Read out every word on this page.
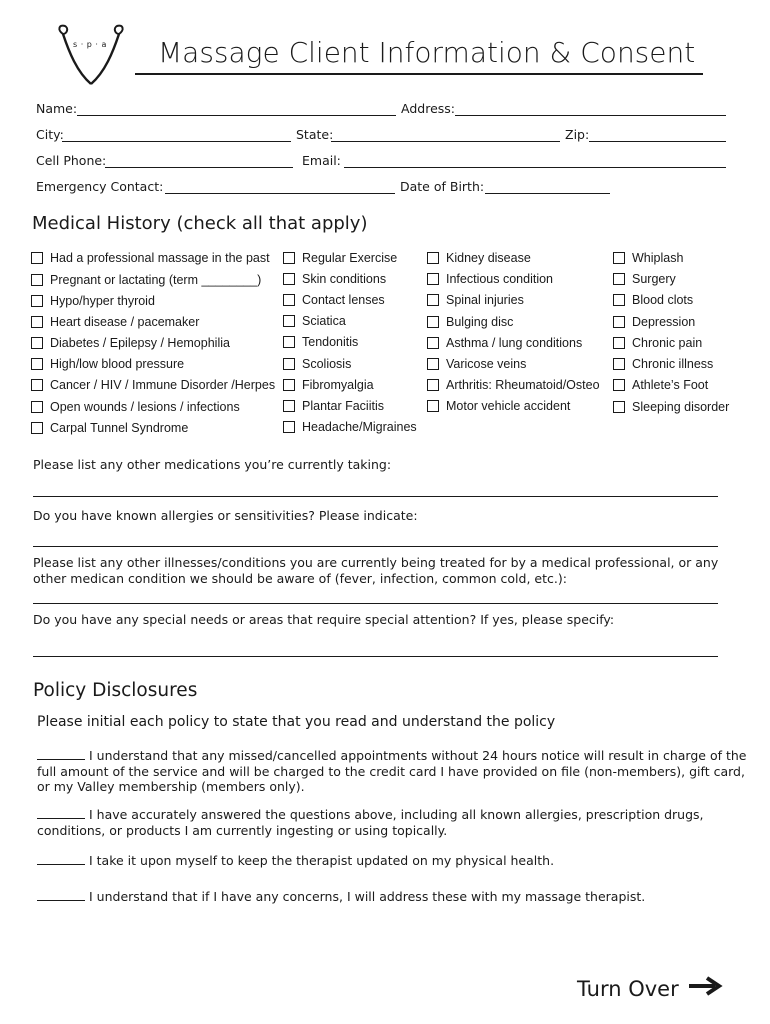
s · p · a Massage Client Information & Consent
Name:	Address:
City:	State:	Zip:
Cell Phone:	Email:
Emergency Contact:	Date of Birth:
Medical History (check all that apply)
Had a professional massage in the past
Pregnant or lactating (term ________)
Hypo/hyper thyroid
Heart disease / pacemaker
Diabetes / Epilepsy / Hemophilia
High/low blood pressure
Cancer / HIV / Immune Disorder /Herpes
Open wounds / lesions / infections
Carpal Tunnel Syndrome
Regular Exercise
Skin conditions
Contact lenses
Sciatica
Tendonitis
Scoliosis
Fibromyalgia
Plantar Faciitis
Headache/Migraines
Kidney disease
Infectious condition
Spinal injuries
Bulging disc
Asthma / lung conditions
Varicose veins
Arthritis: Rheumatoid/Osteo
Motor vehicle accident
Whiplash
Surgery
Blood clots
Depression
Chronic pain
Chronic illness
Athlete’s Foot
Sleeping disorder
Please list any other medications you’re currently taking:
Do you have known allergies or sensitivities? Please indicate:
Please list any other illnesses/conditions you are currently being treated for by a medical professional, or any
other medican condition we should be aware of (fever, infection, common cold, etc.):
Do you have any special needs or areas that require special attention? If yes, please specify:
Policy Disclosures
Please initial each policy to state that you read and understand the policy
I understand that any missed/cancelled appointments without 24 hours notice will result in charge of the full amount of the service and will be charged to the credit card I have provided on file (non-members), gift card, or my Valley membership (members only).
I have accurately answered the questions above, including all known allergies, prescription drugs, conditions, or products I am currently ingesting or using topically.
I take it upon myself to keep the therapist updated on my physical health.
I understand that if I have any concerns, I will address these with my massage therapist.
Turn Over
